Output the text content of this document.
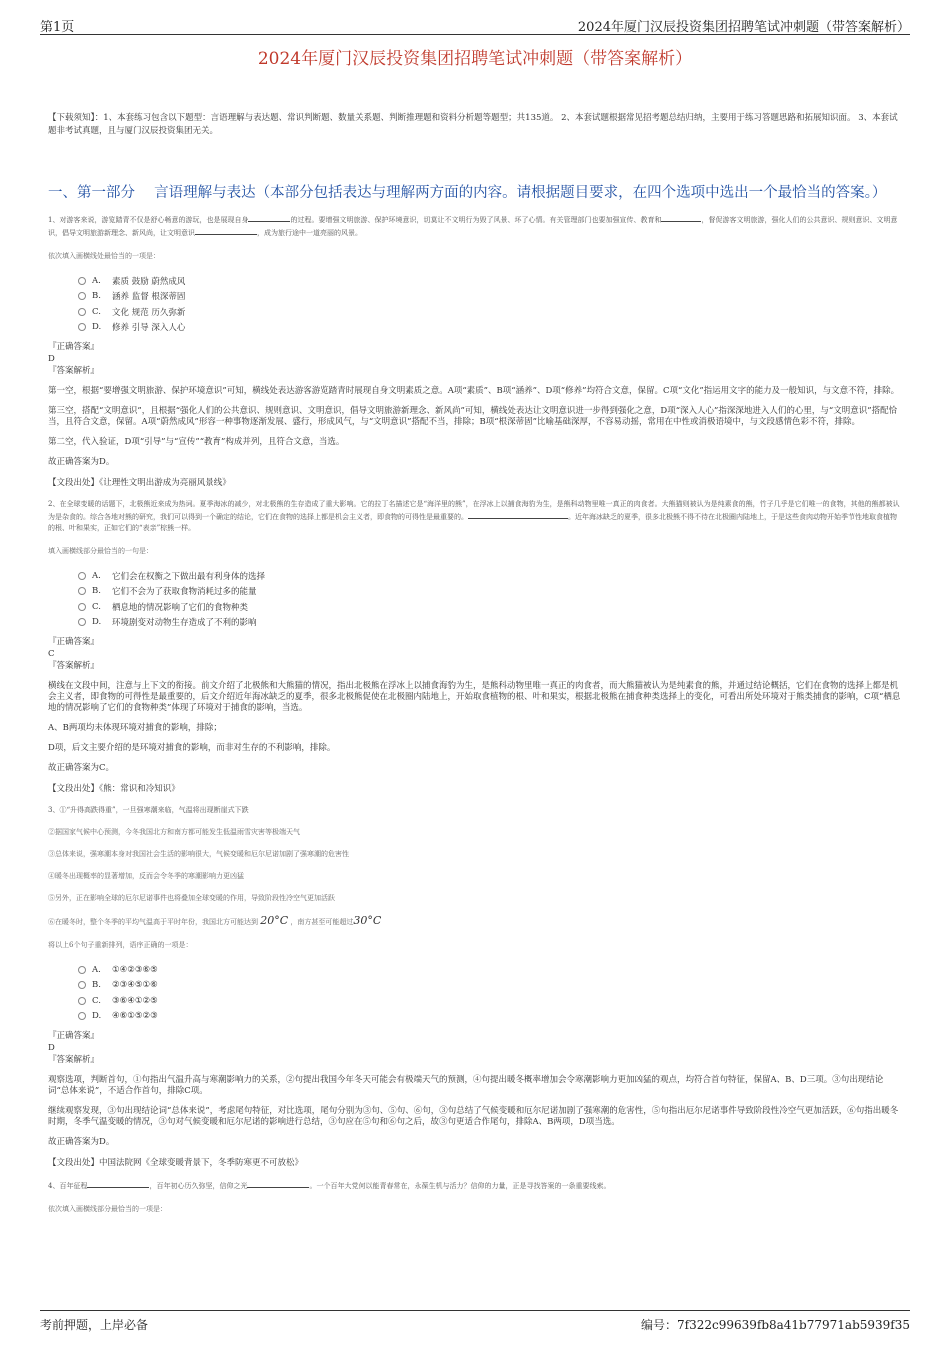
第1页	2024年厦门汉辰投资集团招聘笔试冲刺题（带答案解析）
2024年厦门汉辰投资集团招聘笔试冲刺题（带答案解析）
【下载须知】：1、本套练习包含以下题型：言语理解与表达题、常识判断题、数量关系题、判断推理题和资料分析题等题型；共135道。 2、本套试题根据常见招考题总结归纳，主要用于练习答题思路和拓展知识面。 3、本套试题非考试真题，且与厦门汉辰投资集团无关。
一、第一部分　 言语理解与表达（本部分包括表达与理解两方面的内容。请根据题目要求，在四个选项中选出一个最恰当的答案。）
1、对游客来说，游览踏青不仅是舒心畅意的游玩，也是展现自身	的过程。要增强文明旅游、保护环境意识，切莫让不文明行为毁了风景、坏了心情。有关管理部门也要加强宣传、教育和	，督促游客文明旅游，强化人们的公共意识、规则意识、文明意识，倡导文明旅游新理念、新风尚，让文明意识	，成为旅行途中一道亮丽的风景。
依次填入画横线处最恰当的一项是：
A.	素质 鼓励 蔚然成风
B.	涵养 监督 根深蒂固
C.	文化 规范 历久弥新
D.	修养 引导 深入人心
『正确答案』
D
『答案解析』
第一空，根据“要增强文明旅游、保护环境意识”可知，横线处表达游客游览踏青时展现自身文明素质之意。A项“素质”、B项“涵养”、D项“修养”均符合文意，保留。C项“文化”指运用文字的能力及一般知识，与文意不符，排除。
第三空，搭配“文明意识”，且根据“强化人们的公共意识、规则意识、文明意识，倡导文明旅游新理念、新风尚”可知，横线处表达让文明意识进一步得到强化之意，D项“深入人心”指深深地进入人们的心里，与“文明意识”搭配恰当，且符合文意，保留。A项“蔚然成风”形容一种事物逐渐发展、盛行，形成风气，与“文明意识”搭配不当，排除；B项“根深蒂固”比喻基础深厚，不容易动摇，常用在中性或消极语境中，与文段感情色彩不符，排除。
第二空，代入验证，D项“引导”与“宣传”“教育”构成并列，且符合文意，当选。
故正确答案为D。
【文段出处】《让理性文明出游成为亮丽风景线》
2、在全球变暖的话题下，北极熊近来成为热词。夏季海冰的减少，对北极熊的生存造成了重大影响。它的拉丁名描述它是“海洋里的熊”，在浮冰上以捕食海豹为生，是熊科动物里唯一真正的肉食者。大熊猫则被认为是纯素食的熊，竹子几乎是它们唯一的食物，其他的熊都被认为是杂食的。综合各地对熊的研究，我们可以得到一个确定的结论，它们在食物的选择上都是机会主义者，即食物的可得性是最重要的。	。近年海冰缺乏的夏季，很多北极熊不得不待在北极圈内陆地上，于是这些食肉动物开始季节性地取食植物的根、叶和果实，正如它们的“表亲”棕熊一样。
填入画横线部分最恰当的一句是：
A.	它们会在权衡之下做出最有利身体的选择
B.	它们不会为了获取食物消耗过多的能量
C.	栖息地的情况影响了它们的食物种类
D.	环境剧变对动物生存造成了不利的影响
『正确答案』
C
『答案解析』
横线在文段中间，注意与上下文的衔接。前文介绍了北极熊和大熊猫的情况，指出北极熊在浮冰上以捕食海豹为生，是熊科动物里唯一真正的肉食者，而大熊猫被认为是纯素食的熊，并通过结论概括，它们在食物的选择上都是机会主义者，即食物的可得性是最重要的，后文介绍近年海冰缺乏的夏季，很多北极熊促使在北极圈内陆地上，开始取食植物的根、叶和果实，根据北极熊在捕食种类选择上的变化，可看出所处环境对于熊类捕食的影响，C项“栖息地的情况影响了它们的食物种类”体现了环境对于捕食的影响，当选。
A、B两项均未体现环境对捕食的影响，排除；
D项，后文主要介绍的是环境对捕食的影响，而非对生存的不利影响，排除。
故正确答案为C。
【文段出处】《熊：常识和冷知识》
3、①“升得高跌得重”，一旦强寒潮来临，气温将出现断崖式下跌
②据国家气候中心预测，今冬我国北方和南方都可能发生低温雨雪灾害等极端天气
③总体来说，强寒潮本身对我国社会生活的影响很大，气候变暖和厄尔尼诺加剧了强寒潮的危害性
④暖冬出现概率的显著增加，反而会令冬季的寒潮影响力更凶猛
⑤另外，正在影响全球的厄尔尼诺事件也将叠加全球变暖的作用，导致阶段性冷空气更加活跃
⑥在暖冬时，整个冬季的平均气温高于平时年份，我国北方可能达到 20°C ，南方甚至可能超过30°C
将以上6个句子重新排列，语序正确的一项是：
A.	①④②③⑥⑤
B.	②③④⑤①⑥
C.	③⑥④①②⑤
D.	④⑥①⑤②③
『正确答案』
D
『答案解析』
观察选项，判断首句，①句指出气温升高与寒潮影响力的关系，②句提出我国今年冬天可能会有极端天气的预测，④句提出暖冬概率增加会令寒潮影响力更加凶猛的观点，均符合首句特征，保留A、B、D三项。③句出现结论词“总体来说”，不适合作首句，排除C项。
继续观察发现，③句出现结论词“总体来说”，考虑尾句特征，对比选项，尾句分别为③句、⑤句、⑥句，③句总结了气候变暖和厄尔尼诺加剧了强寒潮的危害性，⑤句指出厄尔尼诺事件导致阶段性冷空气更加活跃，⑥句指出暖冬时期，冬季气温变暖的情况，③句对气候变暖和厄尔尼诺的影响进行总结，③句应在⑤句和⑥句之后，故③句更适合作尾句，排除A、B两项，D项当选。
故正确答案为D。
【文段出处】中国法院网《全球变暖背景下，冬季防寒更不可放松》
4、百年征程	，百年初心历久弥坚，信仰之光	。一个百年大党何以能青春常在，永葆生机与活力？信仰的力量，正是寻找答案的一条重要线索。
依次填入画横线部分最恰当的一项是：
考前押题，上岸必备	编号：7f322c99639fb8a41b77971ab5939f35
